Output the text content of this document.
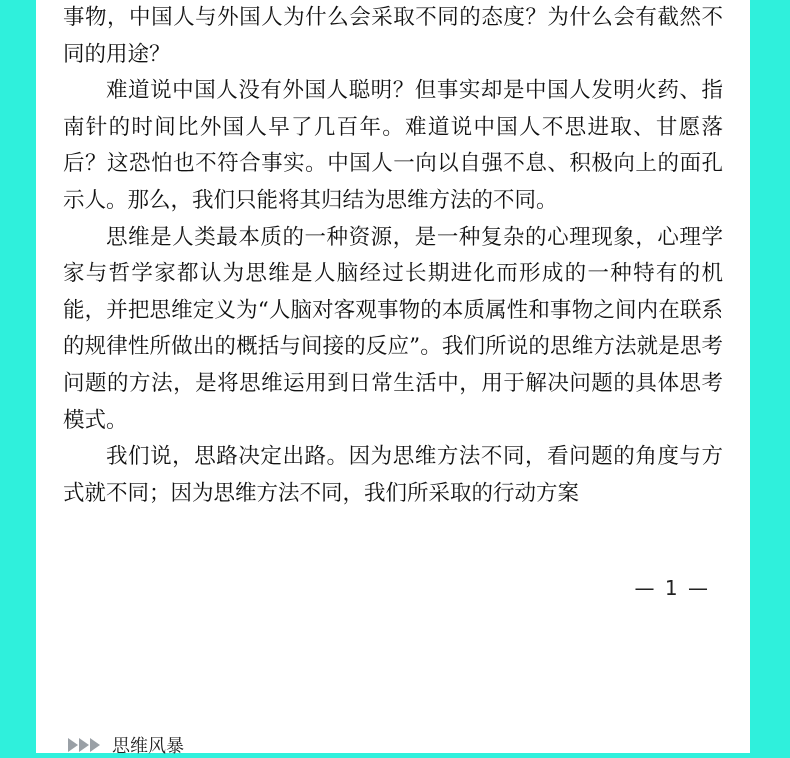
事物，中国人与外国人为什么会采取不同的态度？为什么会有截然不同的用途？

难道说中国人没有外国人聪明？但事实却是中国人发明火药、指南针的时间比外国人早了几百年。难道说中国人不思进取、甘愿落后？这恐怕也不符合事实。中国人一向以自强不息、积极向上的面孔示人。那么，我们只能将其归结为思维方法的不同。

思维是人类最本质的一种资源，是一种复杂的心理现象，心理学家与哲学家都认为思维是人脑经过长期进化而形成的一种特有的机能，并把思维定义为“人脑对客观事物的本质属性和事物之间内在联系的规律性所做出的概括与间接的反应”。我们所说的思维方法就是思考问题的方法，是将思维运用到日常生活中，用于解决问题的具体思考模式。

我们说，思路决定出路。因为思维方法不同，看问题的角度与方式就不同；因为思维方法不同，我们所采取的行动方案

— 1 —
思维风暴
